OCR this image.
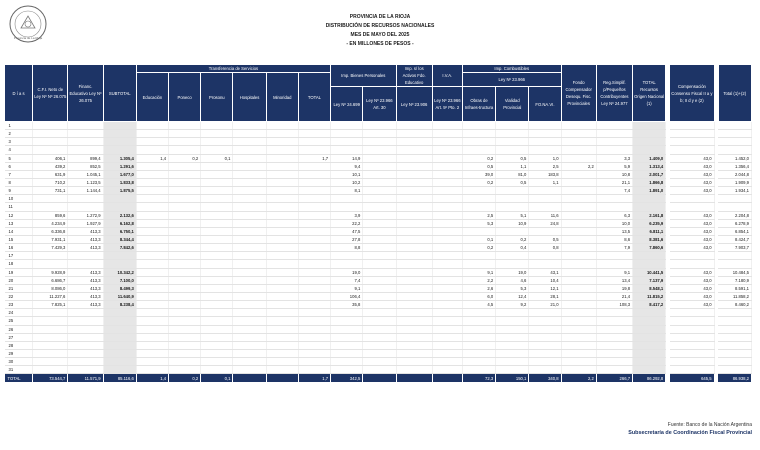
Provincia de La Rioja
PROVINCIA DE LA RIOJA
DISTRIBUCIÓN DE RECURSOS NACIONALES
MES DE MAYO DEL 2025
- EN MILLONES DE PESOS -
D í a s	C.F.I. Neto de Ley Nº Nº 26.075	Financ. Educativo Ley Nº 26.075	SUBTOTAL	Transferencia de Servicios						Imp. Bienes Personales		Imp. s/ los Activos Fdo. Educativo	I.V.A.	Imp. Combustibles			Fondo Compensador Desequ. Fisc. Provinciales	Reg.Simplif. p/Pequeños Contribuyentes Ley Nº 24.977	TOTAL Recursos Origen Nacional (1)		Compensación Consenso Fiscal II a y b; II d y e (2)		Total (1)+(2)
				Educación	Poneco	Prosonu	Hospitales	Minoridad	TOTAL					Ley Nº 23.966									
										Ley Nº 24.699	Ley Nº 23.966 Art. 30	Ley Nº 23.906	Ley Nº 23.966 Art. 5º Pto. 2	Obras de Infraes-tructura	Vialidad Provincial	FO.NA.VI.							
1																							
2																							
3																							
4																							
5	406,1	899,4	1.305,4	1,4	0,2	0,1			1,7	14,9				0,2	0,5	1,0		3,3	1.409,0		43,0		1.452,0
6	439,2	852,5	1.291,6							9,4				0,5	1,1	2,5	2,2	5,9	1.313,4		43,0		1.356,4
7	631,9	1.045,1	1.677,0							10,1				39,0	81,0	183,8		10,8	2.001,7		43,0		2.044,8
8	710,2	1.123,5	1.833,8							10,2				0,2	0,5	1,1		21,1	1.866,8		43,0		1.909,9
9	731,1	1.144,4	1.875,5							8,1								7,4	1.891,0		43,0		1.934,1
10																							
11																							
12	859,6	1.272,9	2.132,6							3,9				2,5	5,1	11,6		6,3	2.161,8		43,0		2.204,8
13	4.234,9	1.927,9	6.162,8							22,2				5,3	10,9	24,8		10,0	6.235,9		43,0		6.278,9
14	6.336,8	413,3	6.750,1							47,5								13,5	6.811,1		43,0		6.854,1
15	7.931,1	413,3	8.344,4							27,8				0,1	0,2	0,5		8,6	8.381,6		43,0		8.424,7
16	7.429,3	413,3	7.842,6							8,8				0,2	0,4	0,8		7,9	7.860,6		43,0		7.903,7
17																							
18																							
19	9.928,9	413,3	10.342,2							19,0				9,1	19,0	43,1		9,1	10.441,5		43,0		10.484,5
20	6.686,7	413,3	7.100,0							7,4				2,2	4,6	10,4		13,4	7.137,9		43,0		7.180,9
21	8.086,0	413,3	8.499,3							9,1				2,6	5,3	12,1		19,8	8.548,1		43,0		8.591,1
22	11.227,6	413,3	11.640,9							106,4				6,0	12,4	28,1		21,4	11.815,2		43,0		11.858,2
23	7.825,1	413,3	8.238,4							35,8				4,5	9,2	21,0		108,3	8.417,2		43,0		8.460,2
24																							
25																							
26																							
27																							
28																							
29																							
30																							
31																							
TOTAL	73.544,7	11.571,9	85.116,6	1,4	0,2	0,1			1,7	342,5				72,3	150,1	340,8	2,2	266,7	86.292,8		645,5		86.938,2
Fuente: Banco de la Nación Argentina
Subsecretaría de Coordinación Fiscal Provincial
